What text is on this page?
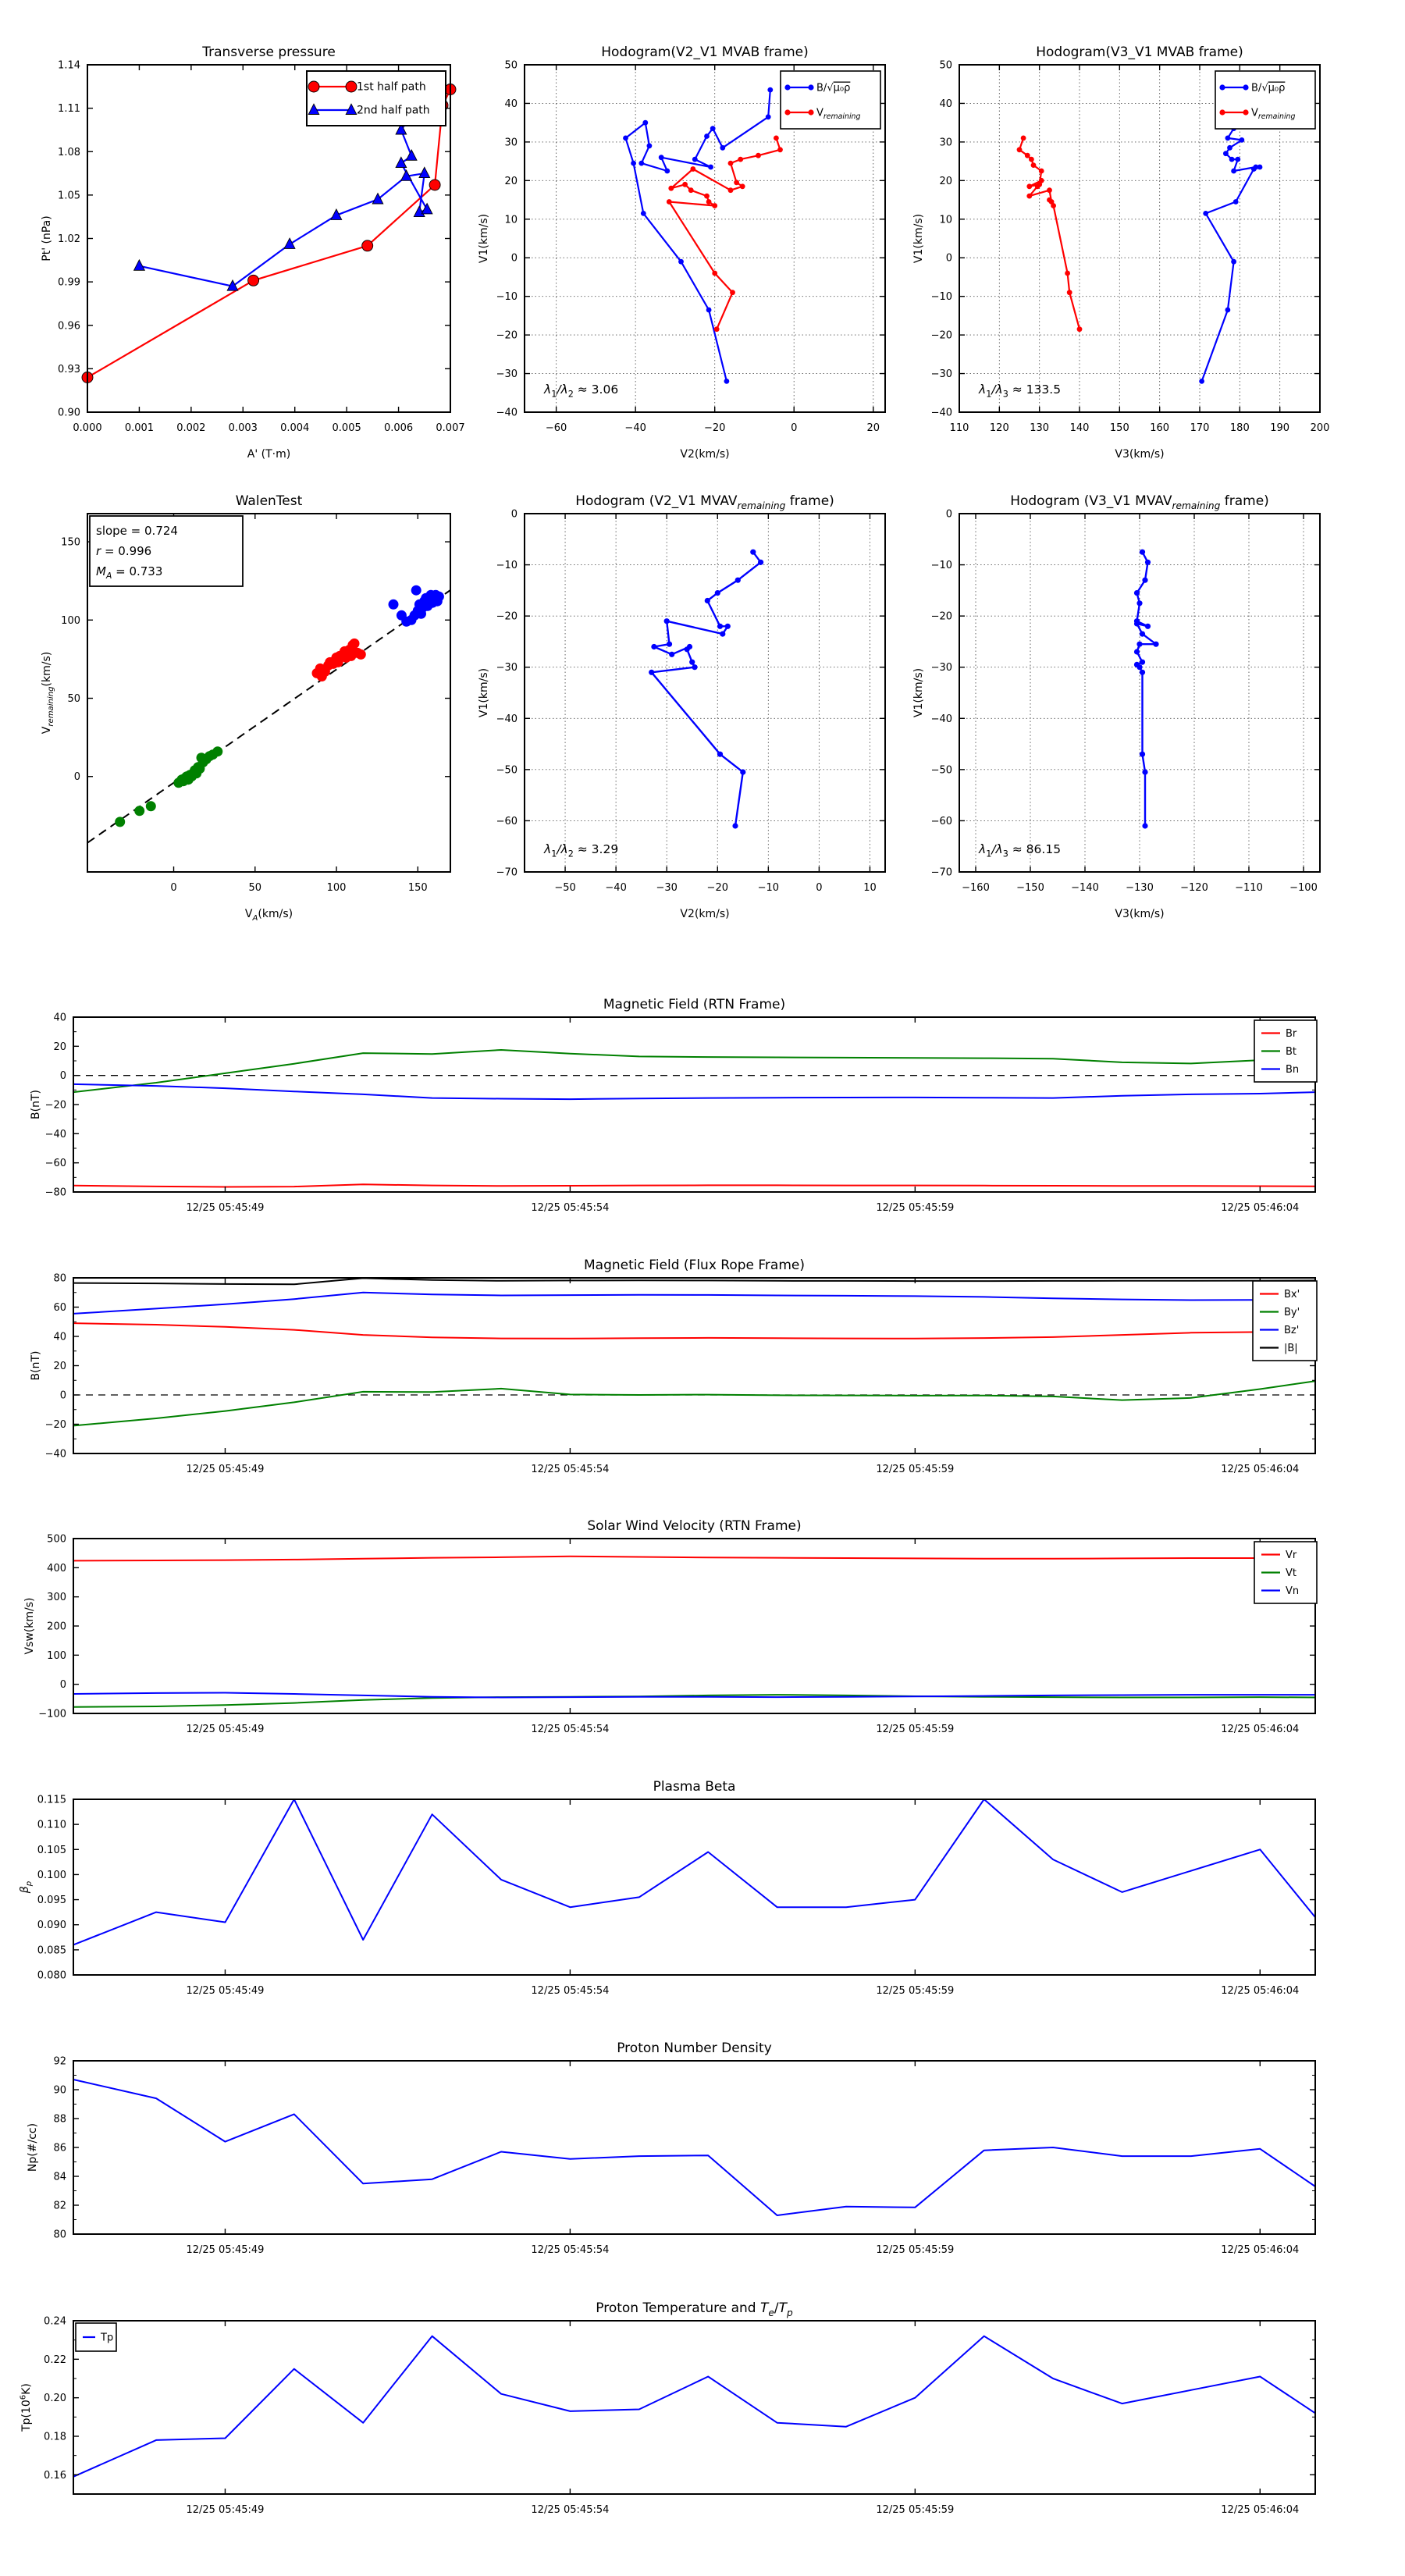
0.000 0.001 0.002 0.003 0.004 0.005 0.006 0.007
0.90
0.93
0.96
0.99
1.02
1.05
1.08
1.11
1.14
Transverse pressure
A' (T·m)
Pt' (nPa)
1st half path
2nd half path
−60	−40	−20	0	20
−40
−30
−20
−10
0
10
20
30
40
50
Hodogram(V2_V1 MVAB frame)
V2(km/s)
V1(km/s)
$\lambda_1/\lambda_2 \approx 3.06$
B/√μ₀ρ
$V_{remaining}$
110 120 130 140 150 160 170 180 190 200
−40
−30
−20
−10
0
10
20
30
40
50
Hodogram(V3_V1 MVAB frame)
V3(km/s)
V1(km/s)
$\lambda_1/\lambda_3 \approx 133.5$
B/√μ₀ρ
$V_{remaining}$
0	50	100	150
0
50
100
150
WalenTest
$V_A(km/s)$
$V_{remaining}(km/s)$
slope = 0.724
r = 0.996
$M_A = 0.733$
−50	−40	−30	−20	−10	0	10
−70
−60
−50
−40
−30
−20
−10
0
Hodogram (V2_V1 $MVAV_{remaining}$ frame)
V2(km/s)
V1(km/s)
$\lambda_1/\lambda_2 \approx 3.29$
−160	−150	−140	−130	−120	−110	−100
−70
−60
−50
−40
−30
−20
−10
0
Hodogram (V3_V1 $MVAV_{remaining}$ frame)
V3(km/s)
V1(km/s)
$\lambda_1/\lambda_3 \approx 86.15$
12/25 05:45:49	12/25 05:45:54	12/25 05:45:59	12/25 05:46:04
−80
−60
−40
−20
0
20
40
Magnetic Field (RTN Frame)
B(nT)
Br
Bt
Bn
12/25 05:45:49	12/25 05:45:54	12/25 05:45:59	12/25 05:46:04
−40
−20
0
20
40
60
80
Magnetic Field (Flux Rope Frame)
B(nT)
Bx'
By'
Bz'
|B|
12/25 05:45:49	12/25 05:45:54	12/25 05:45:59	12/25 05:46:04
−100
0
100
200
300
400
500
Solar Wind Velocity (RTN Frame)
Vsw(km/s)
Vr
Vt
Vn
12/25 05:45:49	12/25 05:45:54	12/25 05:45:59	12/25 05:46:04
0.080
0.085
0.090
0.095
0.100
0.105
0.110
0.115
Plasma Beta
$\beta_p$
12/25 05:45:49	12/25 05:45:54	12/25 05:45:59	12/25 05:46:04
80
82
84
86
88
90
92
Proton Number Density
Np(#/cc)
12/25 05:45:49	12/25 05:45:54	12/25 05:45:59	12/25 05:46:04
0.16
0.18
0.20
0.22
0.24
Proton Temperature and $T_e/T_p$
$Tp(10^6K)$
Tp
